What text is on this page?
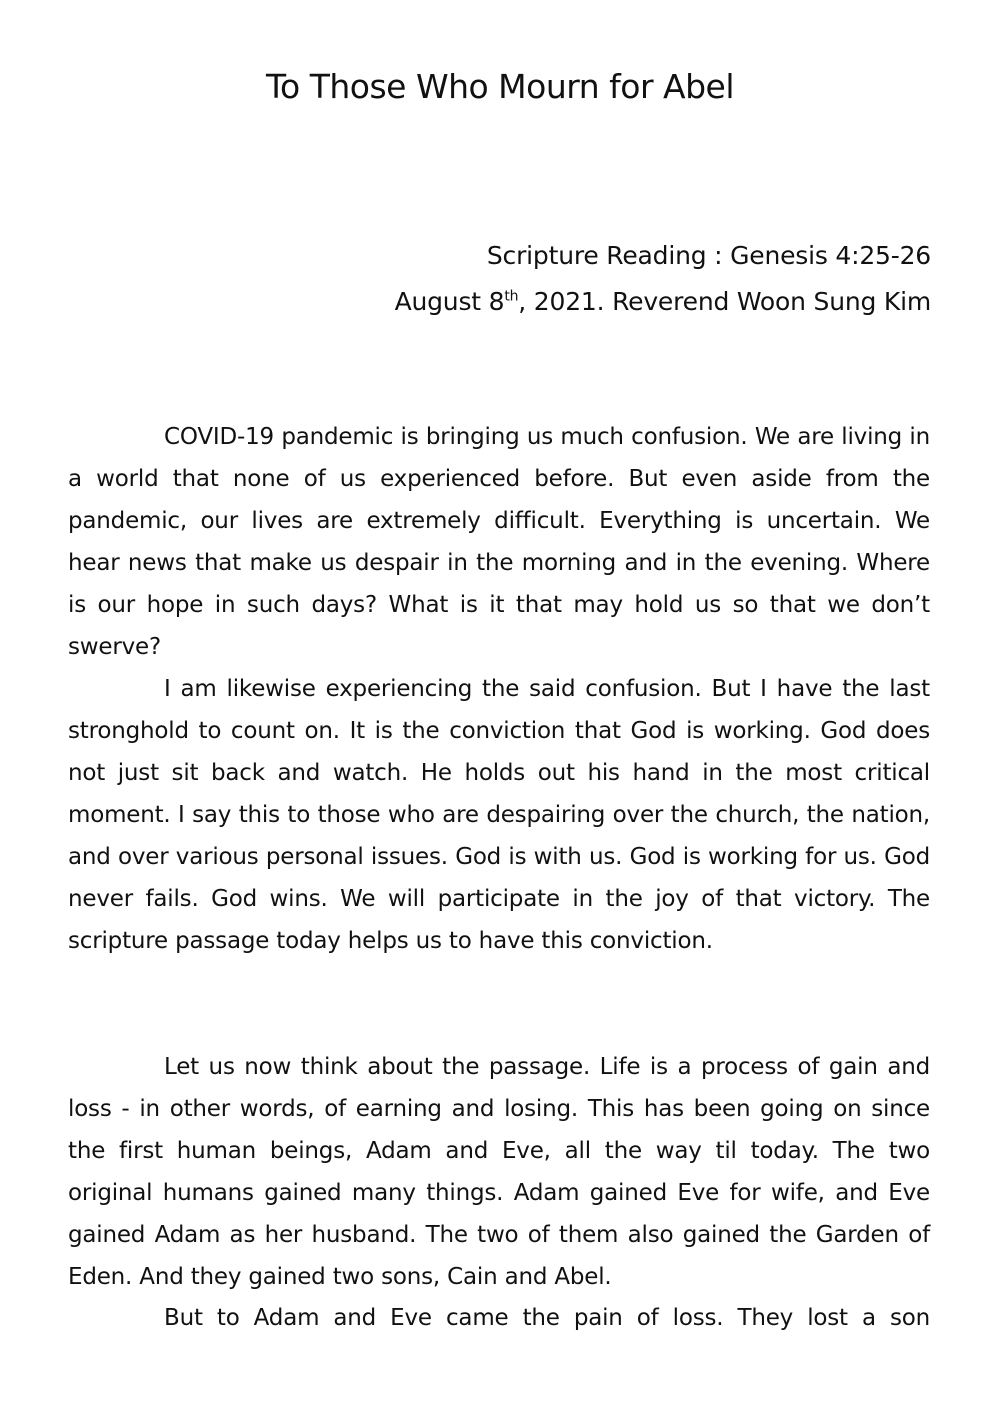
To Those Who Mourn for Abel
Scripture Reading : Genesis 4:25-26
August 8th, 2021. Reverend Woon Sung Kim

COVID-19 pandemic is bringing us much confusion. We are living in a world that none of us experienced before. But even aside from the pandemic, our lives are extremely difficult. Everything is uncertain. We hear news that make us despair in the morning and in the evening. Where is our hope in such days? What is it that may hold us so that we don’t swerve?

I am likewise experiencing the said confusion. But I have the last stronghold to count on. It is the conviction that God is working. God does not just sit back and watch. He holds out his hand in the most critical moment. I say this to those who are despairing over the church, the nation, and over various personal issues. God is with us. God is working for us. God never fails. God wins. We will participate in the joy of that victory. The scripture passage today helps us to have this conviction.

Let us now think about the passage. Life is a process of gain and loss - in other words, of earning and losing. This has been going on since the first human beings, Adam and Eve, all the way til today. The two original humans gained many things. Adam gained Eve for wife, and Eve gained Adam as her husband. The two of them also gained the Garden of Eden. And they gained two sons, Cain and Abel.

But to Adam and Eve came the pain of loss. They lost a son
